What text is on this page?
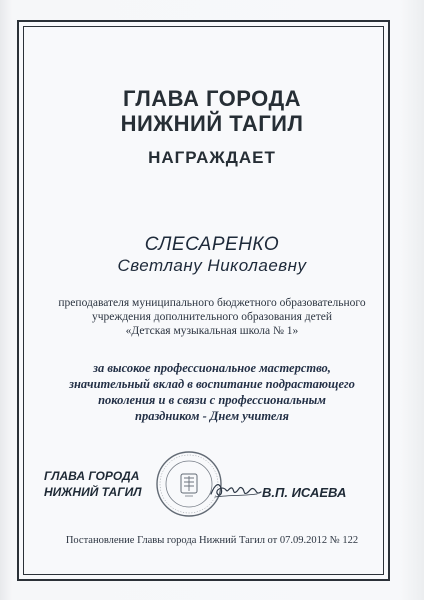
ГЛАВА ГОРОДА
НИЖНИЙ ТАГИЛ
НАГРАЖДАЕТ
СЛЕСАРЕНКО
Светлану Николаевну
преподавателя муниципального бюджетного образовательного
учреждения дополнительного образования детей
«Детская музыкальная школа № 1»
за высокое профессиональное мастерство,
значительный вклад в воспитание подрастающего
поколения и в связи с профессиональным
праздником - Днем учителя
ГЛАВА ГОРОДА
НИЖНИЙ ТАГИЛ	В.П. ИСАЕВА
Постановление Главы города Нижний Тагил от 07.09.2012 № 122
